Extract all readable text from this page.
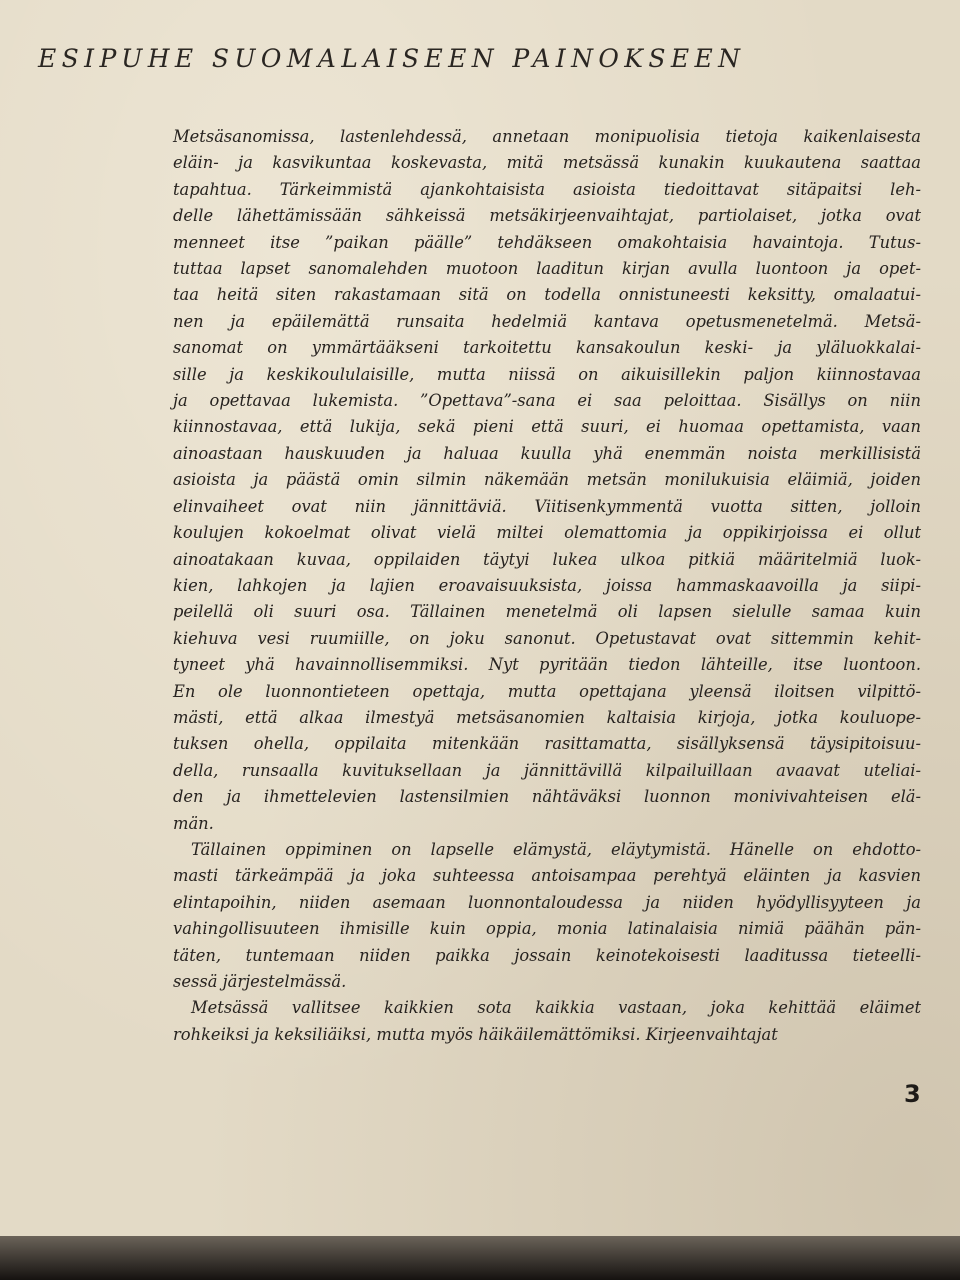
ESIPUHE SUOMALAISEEN PAINOKSEEN
Metsäsanomissa, lastenlehdessä, annetaan monipuolisia tietoja kaikenlaisesta
eläin- ja kasvikuntaa koskevasta, mitä metsässä kunakin kuukautena saattaa
tapahtua. Tärkeimmistä ajankohtaisista asioista tiedoittavat sitäpaitsi leh-
delle lähettämissään sähkeissä metsäkirjeenvaihtajat, partiolaiset, jotka ovat
menneet itse ”paikan päälle” tehdäkseen omakohtaisia havaintoja. Tutus-
tuttaa lapset sanomalehden muotoon laaditun kirjan avulla luontoon ja opet-
taa heitä siten rakastamaan sitä on todella onnistuneesti keksitty, omalaatui-
nen ja epäilemättä runsaita hedelmiä kantava opetusmenetelmä. Metsä-
sanomat on ymmärtääkseni tarkoitettu kansakoulun keski- ja yläluokkalai-
sille ja keskikoululaisille, mutta niissä on aikuisillekin paljon kiinnostavaa
ja opettavaa lukemista. ”Opettava”-sana ei saa peloittaa. Sisällys on niin
kiinnostavaa, että lukija, sekä pieni että suuri, ei huomaa opettamista, vaan
ainoastaan hauskuuden ja haluaa kuulla yhä enemmän noista merkillisistä
asioista ja päästä omin silmin näkemään metsän monilukuisia eläimiä, joiden
elinvaiheet ovat niin jännittäviä. Viitisenkymmentä vuotta sitten, jolloin
koulujen kokoelmat olivat vielä miltei olemattomia ja oppikirjoissa ei ollut
ainoatakaan kuvaa, oppilaiden täytyi lukea ulkoa pitkiä määritelmiä luok-
kien, lahkojen ja lajien eroavaisuuksista, joissa hammaskaavoilla ja siipi-
peilellä oli suuri osa. Tällainen menetelmä oli lapsen sielulle samaa kuin
kiehuva vesi ruumiille, on joku sanonut. Opetustavat ovat sittemmin kehit-
tyneet yhä havainnollisemmiksi. Nyt pyritään tiedon lähteille, itse luontoon.
En ole luonnontieteen opettaja, mutta opettajana yleensä iloitsen vilpittö-
mästi, että alkaa ilmestyä metsäsanomien kaltaisia kirjoja, jotka kouluope-
tuksen ohella, oppilaita mitenkään rasittamatta, sisällyksensä täysipitoisuu-
della, runsaalla kuvituksellaan ja jännittävillä kilpailuillaan avaavat uteliai-
den ja ihmettelevien lastensilmien nähtäväksi luonnon monivivahteisen elä-
män.
Tällainen oppiminen on lapselle elämystä, eläytymistä. Hänelle on ehdotto-
masti tärkeämpää ja joka suhteessa antoisampaa perehtyä eläinten ja kasvien
elintapoihin, niiden asemaan luonnontaloudessa ja niiden hyödyllisyyteen ja
vahingollisuuteen ihmisille kuin oppia, monia latinalaisia nimiä päähän pän-
täten, tuntemaan niiden paikka jossain keinotekoisesti laaditussa tieteelli-
sessä järjestelmässä.
Metsässä vallitsee kaikkien sota kaikkia vastaan, joka kehittää eläimet
rohkeiksi ja keksiliäiksi, mutta myös häikäilemättömiksi. Kirjeenvaihtajat
3
